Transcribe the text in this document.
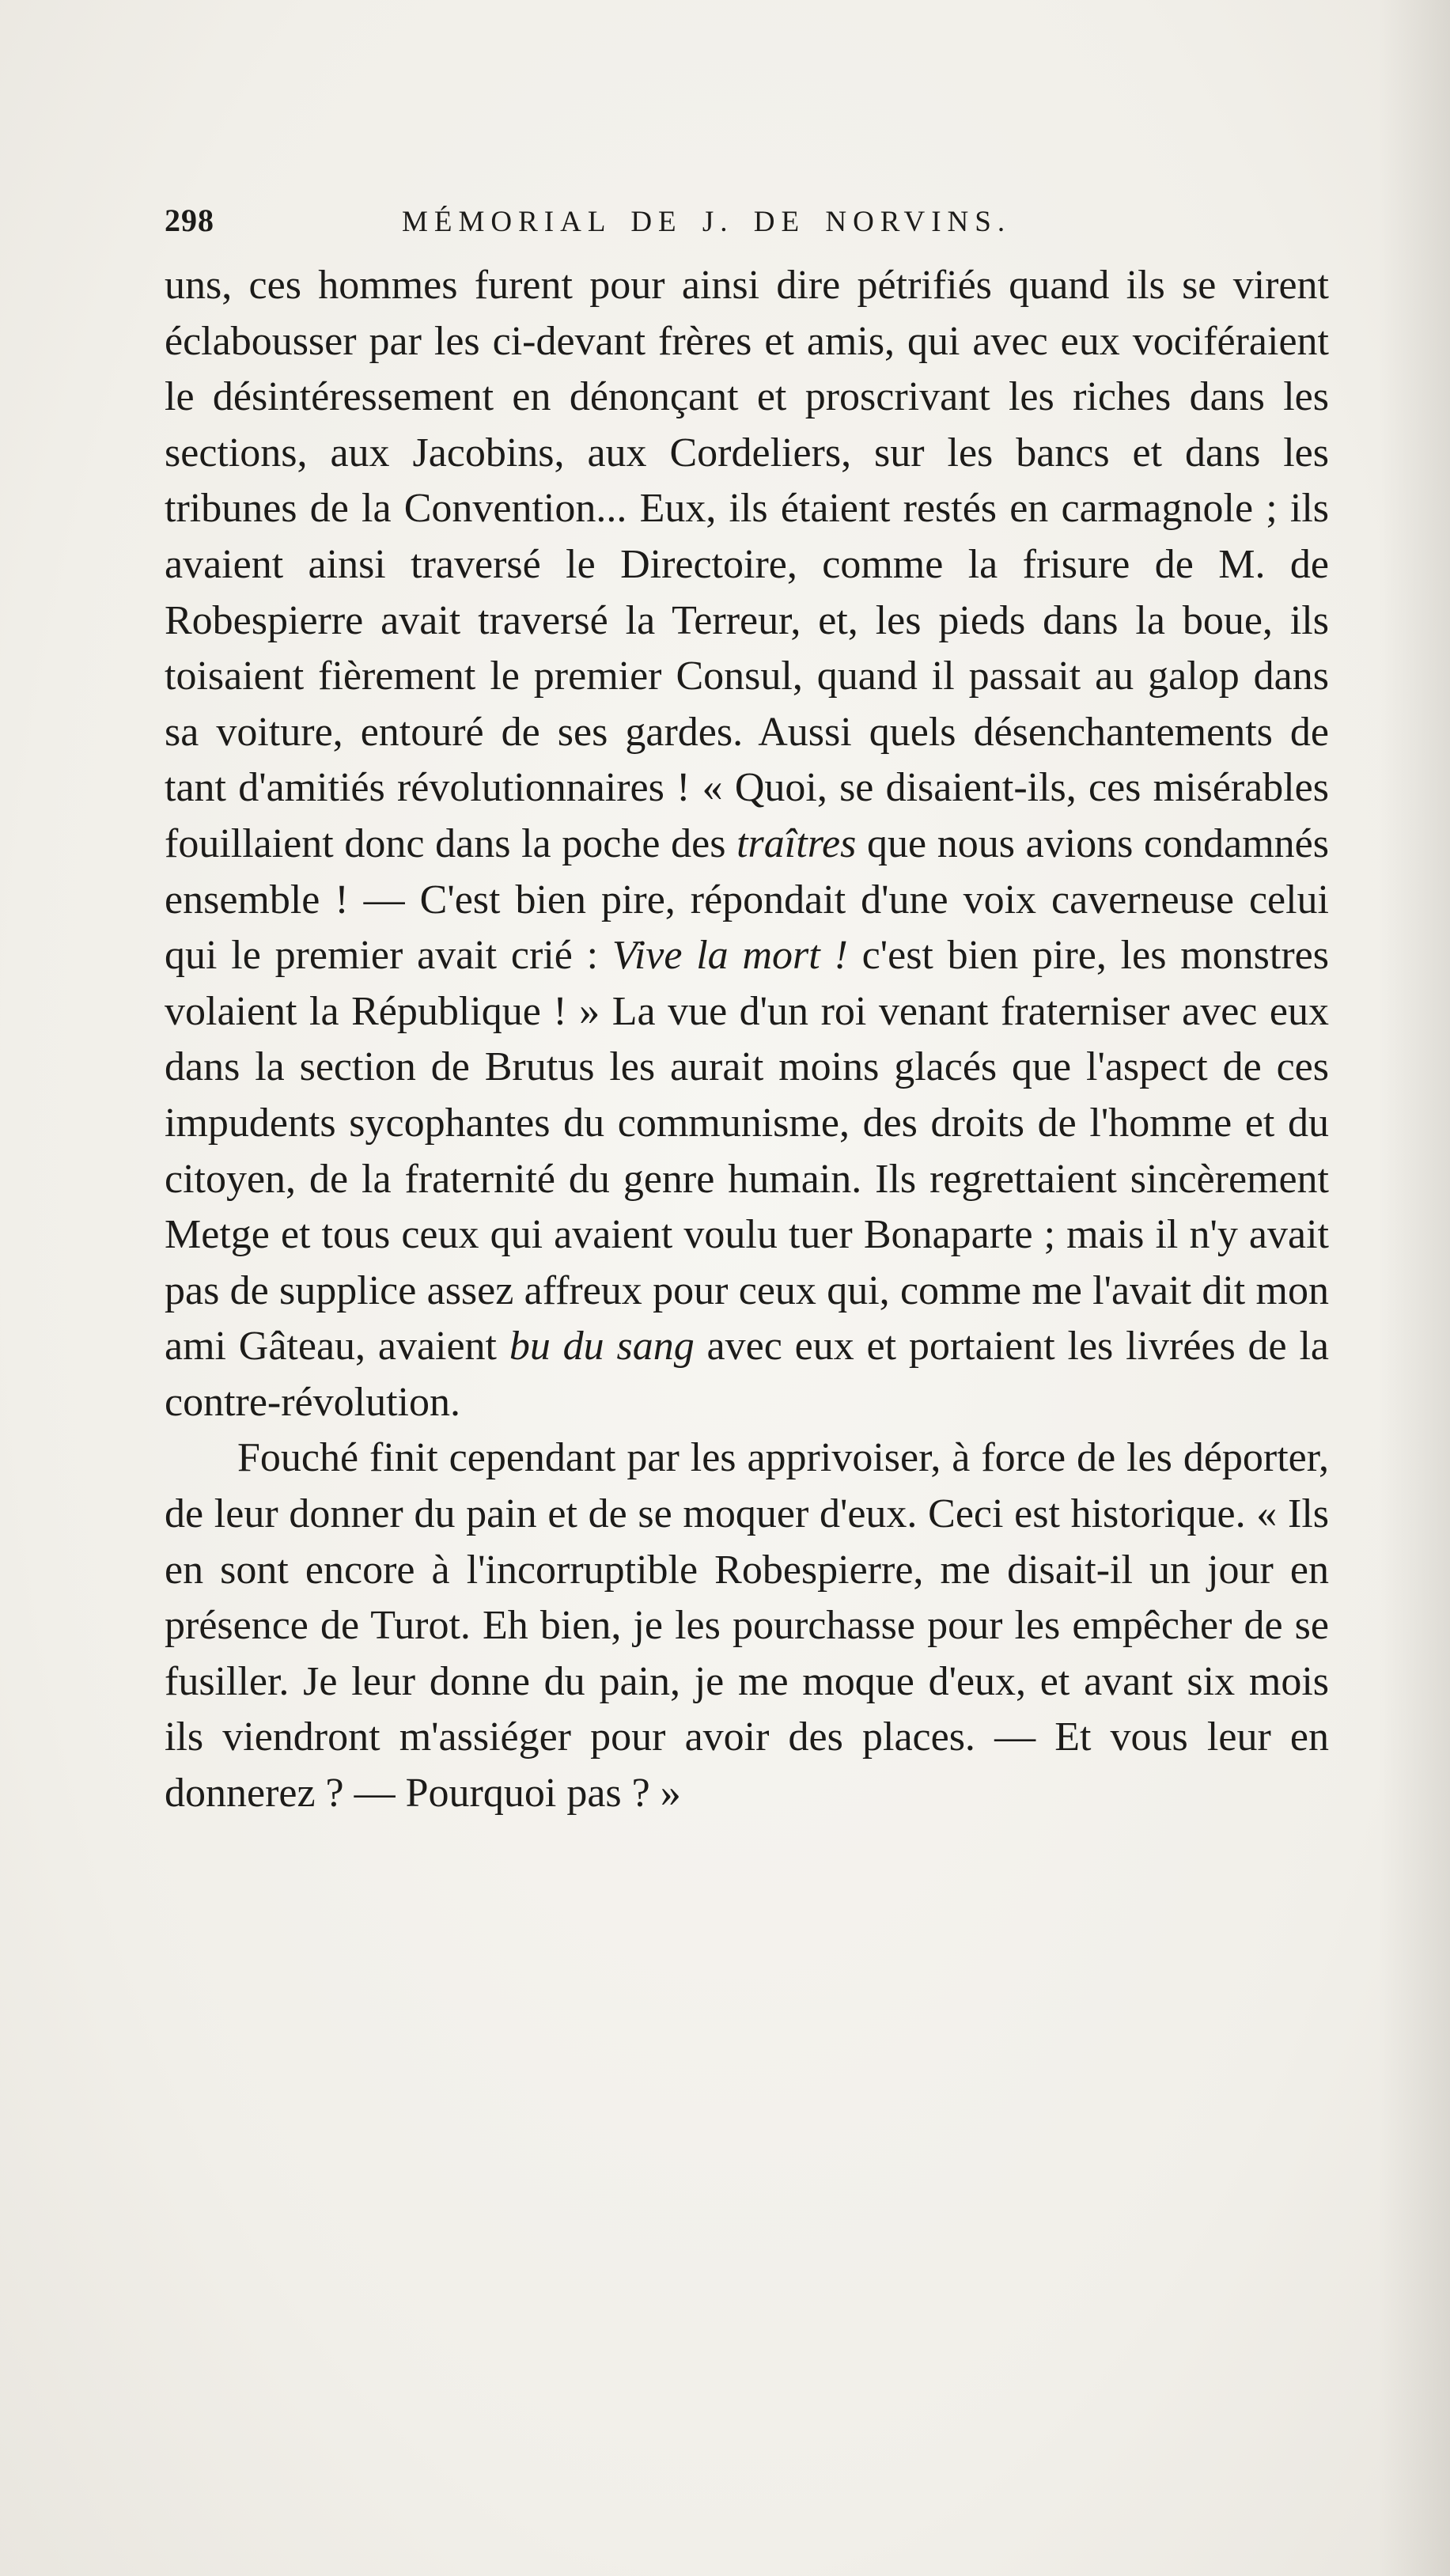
298	MÉMORIAL DE J. DE NORVINS.

uns, ces hommes furent pour ainsi dire pétrifiés quand ils se virent éclabousser par les ci-devant frères et amis, qui avec eux vociféraient le désintéressement en dénonçant et proscrivant les riches dans les sections, aux Jacobins, aux Cordeliers, sur les bancs et dans les tribunes de la Convention... Eux, ils étaient restés en carmagnole ; ils avaient ainsi traversé le Directoire, comme la frisure de M. de Robespierre avait traversé la Terreur, et, les pieds dans la boue, ils toisaient fièrement le premier Consul, quand il passait au galop dans sa voiture, entouré de ses gardes. Aussi quels désenchantements de tant d'amitiés révolutionnaires ! « Quoi, se disaient-ils, ces misérables fouillaient donc dans la poche des traîtres que nous avions condamnés ensemble ! — C'est bien pire, répondait d'une voix caverneuse celui qui le premier avait crié : Vive la mort ! c'est bien pire, les monstres volaient la République ! » La vue d'un roi venant fraterniser avec eux dans la section de Brutus les aurait moins glacés que l'aspect de ces impudents sycophantes du communisme, des droits de l'homme et du citoyen, de la fraternité du genre humain. Ils regrettaient sincèrement Metge et tous ceux qui avaient voulu tuer Bonaparte ; mais il n'y avait pas de supplice assez affreux pour ceux qui, comme me l'avait dit mon ami Gâteau, avaient bu du sang avec eux et portaient les livrées de la contre-révolution.

Fouché finit cependant par les apprivoiser, à force de les déporter, de leur donner du pain et de se moquer d'eux. Ceci est historique. « Ils en sont encore à l'incorruptible Robespierre, me disait-il un jour en présence de Turot. Eh bien, je les pourchasse pour les empêcher de se fusiller. Je leur donne du pain, je me moque d'eux, et avant six mois ils viendront m'assiéger pour avoir des places. — Et vous leur en donnerez ? — Pourquoi pas ? »
